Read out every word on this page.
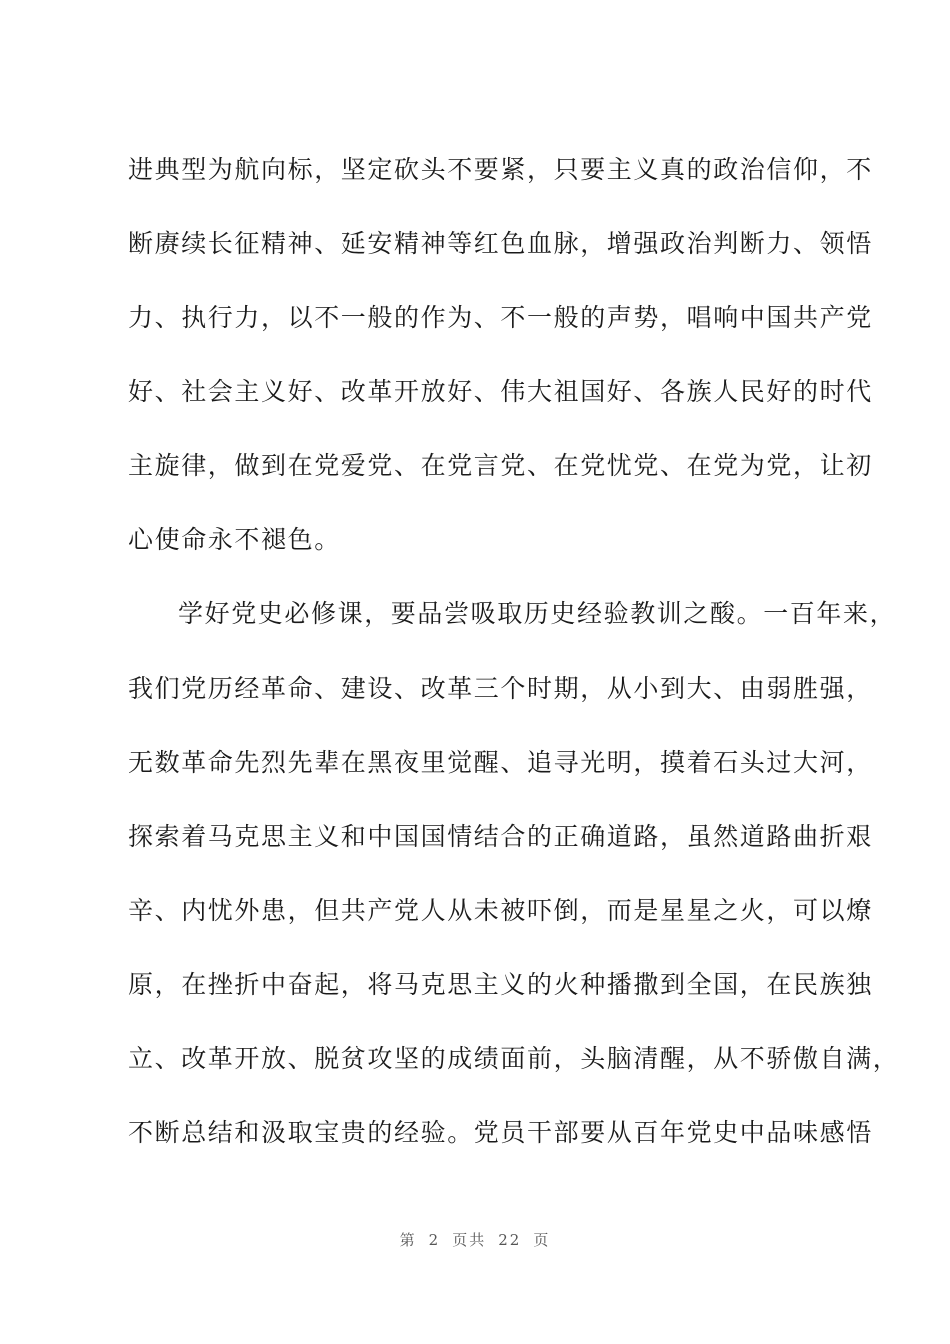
进典型为航向标，坚定砍头不要紧，只要主义真的政治信仰，不
断赓续长征精神、延安精神等红色血脉，增强政治判断力、领悟
力、执行力，以不一般的作为、不一般的声势，唱响中国共产党
好、社会主义好、改革开放好、伟大祖国好、各族人民好的时代
主旋律，做到在党爱党、在党言党、在党忧党、在党为党，让初
心使命永不褪色。
学好党史必修课，要品尝吸取历史经验教训之酸。一百年来，
我们党历经革命、建设、改革三个时期，从小到大、由弱胜强，
无数革命先烈先辈在黑夜里觉醒、追寻光明，摸着石头过大河，
探索着马克思主义和中国国情结合的正确道路，虽然道路曲折艰
辛、内忧外患，但共产党人从未被吓倒，而是星星之火，可以燎
原，在挫折中奋起，将马克思主义的火种播撒到全国，在民族独
立、改革开放、脱贫攻坚的成绩面前，头脑清醒，从不骄傲自满，
不断总结和汲取宝贵的经验。党员干部要从百年党史中品味感悟
第 2 页共 22 页
